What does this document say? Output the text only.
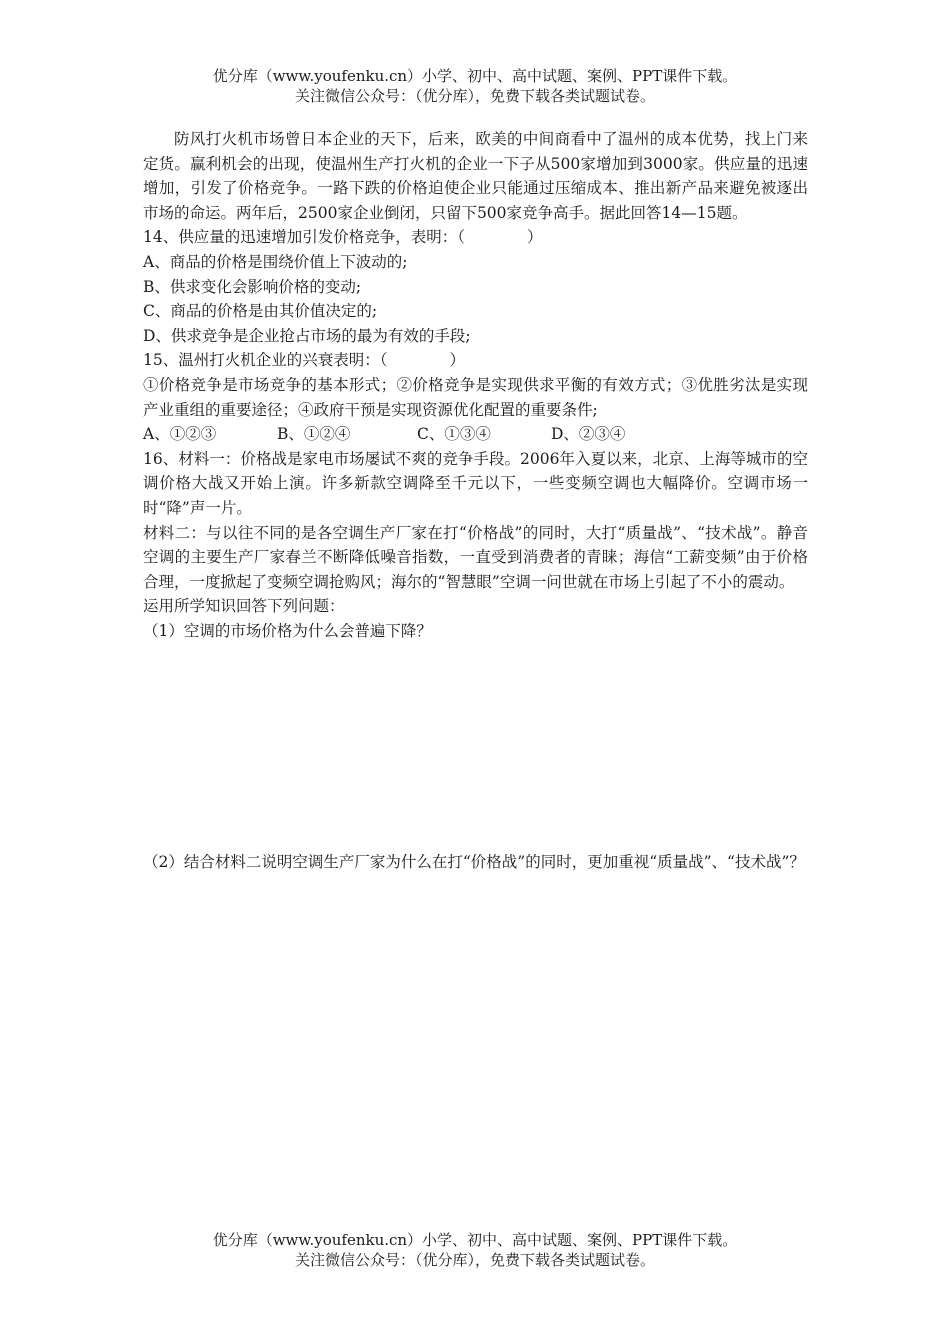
优分库（www.youfenku.cn）小学、初中、高中试题、案例、PPT课件下载。
关注微信公众号：（优分库），免费下载各类试题试卷。

防风打火机市场曾日本企业的天下，后来，欧美的中间商看中了温州的成本优势，找上门来定货。赢利机会的出现，使温州生产打火机的企业一下子从500家增加到3000家。供应量的迅速增加，引发了价格竞争。一路下跌的价格迫使企业只能通过压缩成本、推出新产品来避免被逐出市场的命运。两年后，2500家企业倒闭，只留下500家竞争高手。据此回答14—15题。

14、供应量的迅速增加引发价格竞争，表明：（　　　　）

A、商品的价格是围绕价值上下波动的;

B、供求变化会影响价格的变动;

C、商品的价格是由其价值决定的;

D、供求竞争是企业抢占市场的最为有效的手段;

15、温州打火机企业的兴衰表明：（　　　　）

①价格竞争是市场竞争的基本形式；②价格竞争是实现供求平衡的有效方式；③优胜劣汰是实现产业重组的重要途径；④政府干预是实现资源优化配置的重要条件;

A、①②③	B、①②④	C、①③④	D、②③④

16、材料一：价格战是家电市场屡试不爽的竞争手段。2006年入夏以来，北京、上海等城市的空调价格大战又开始上演。许多新款空调降至千元以下，一些变频空调也大幅降价。空调市场一时“降”声一片。

材料二：与以往不同的是各空调生产厂家在打“价格战”的同时，大打“质量战”、“技术战”。静音空调的主要生产厂家春兰不断降低噪音指数，一直受到消费者的青睐；海信“工薪变频”由于价格合理，一度掀起了变频空调抢购风；海尔的“智慧眼”空调一问世就在市场上引起了不小的震动。

运用所学知识回答下列问题：

（1）空调的市场价格为什么会普遍下降？

（2）结合材料二说明空调生产厂家为什么在打“价格战”的同时，更加重视“质量战”、“技术战”？

优分库（www.youfenku.cn）小学、初中、高中试题、案例、PPT课件下载。
关注微信公众号：（优分库），免费下载各类试题试卷。
